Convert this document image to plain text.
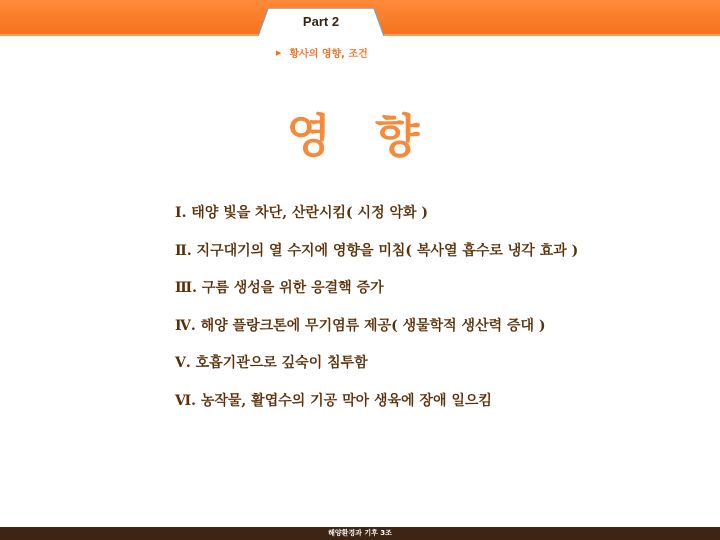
Part 2
▶ 황사의 영향, 조건
영 향
Ⅰ. 태양 빛을 차단, 산란시킴( 시정 악화 )
Ⅱ. 지구대기의 열 수지에 영향을 미침( 복사열 흡수로 냉각 효과 )
Ⅲ. 구름 생성을 위한 응결핵 증가
Ⅳ. 해양 플랑크톤에 무기염류 제공( 생물학적 생산력 증대 )
Ⅴ. 호흡기관으로 깊숙이 침투함
Ⅵ. 농작물, 활엽수의 기공 막아 생육에 장애 일으킴
해양환경과 기후 3조
